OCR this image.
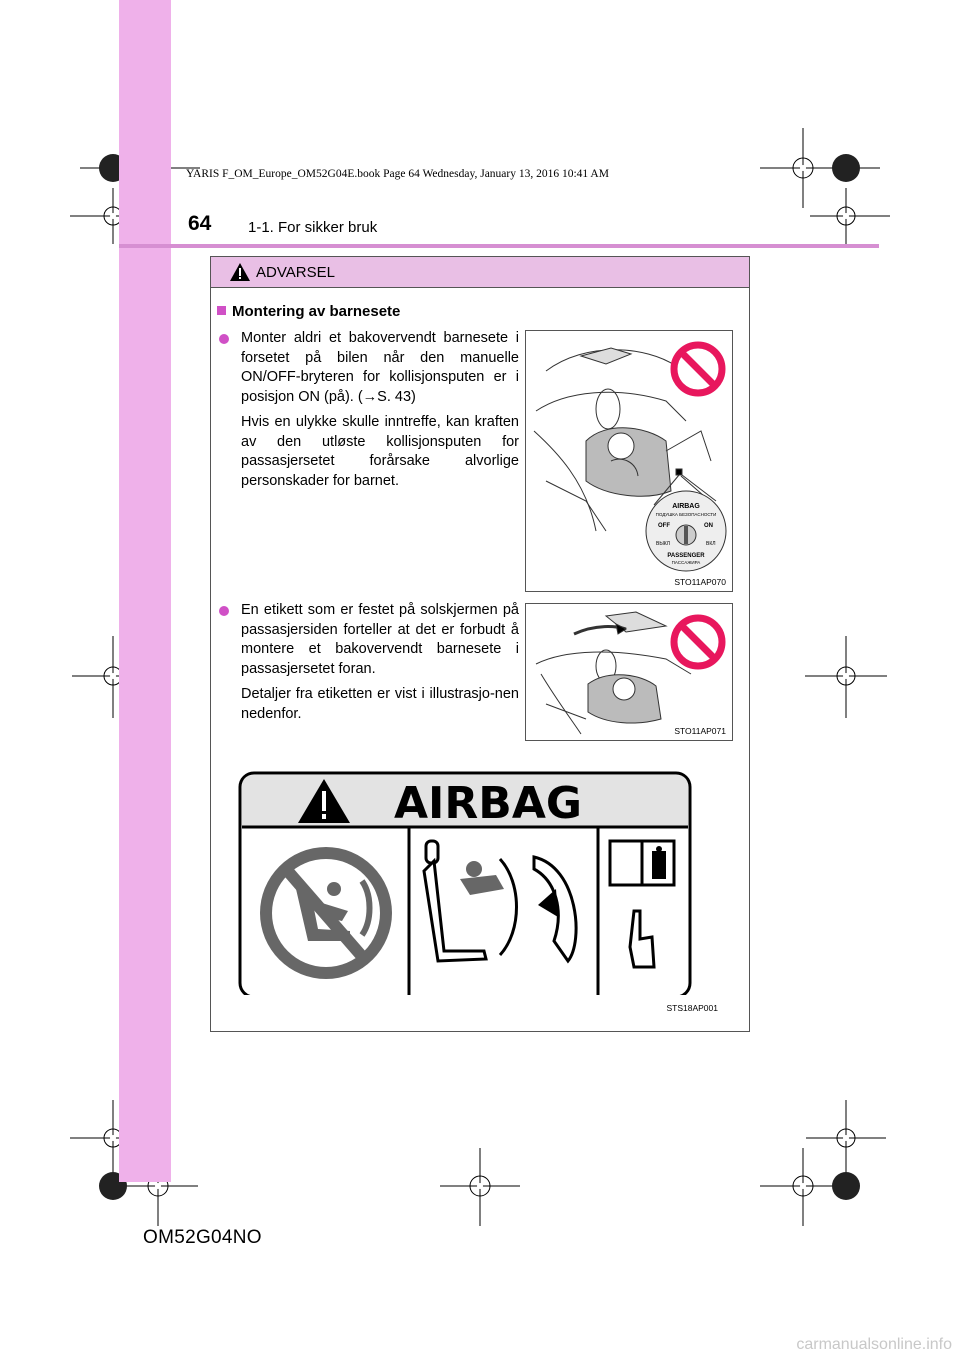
YARIS F_OM_Europe_OM52G04E.book Page 64 Wednesday, January 13, 2016 10:41 AM
64 1-1. For sikker bruk
ADVARSEL
Montering av barnesete

Monter aldri et bakovervendt barnesete i forsetet på bilen når den manuelle ON/OFF-bryteren for kollisjonsputen er i posisjon ON (på). (→S. 43)

Hvis en ulykke skulle inntreffe, kan kraften av den utløste kollisjonsputen for passasjersetet forårsake alvorlige personskader for barnet.

En etikett som er festet på solskjermen på passasjersiden forteller at det er forbudt å montere et bakovervendt barnesete i passasjersetet foran.

Detaljer fra etiketten er vist i illustrasjo-nen nedenfor.

AIRBAG
ПОДУШКА БЕЗОПАСНОСТИ
OFF	ON
ВЫКЛ	ВКЛ
PASSENGER
ПАССАЖИРА
STO11AP070
STO11AP071
AIRBAG
STS18AP001
OM52G04NO
carmanualsonline.info
